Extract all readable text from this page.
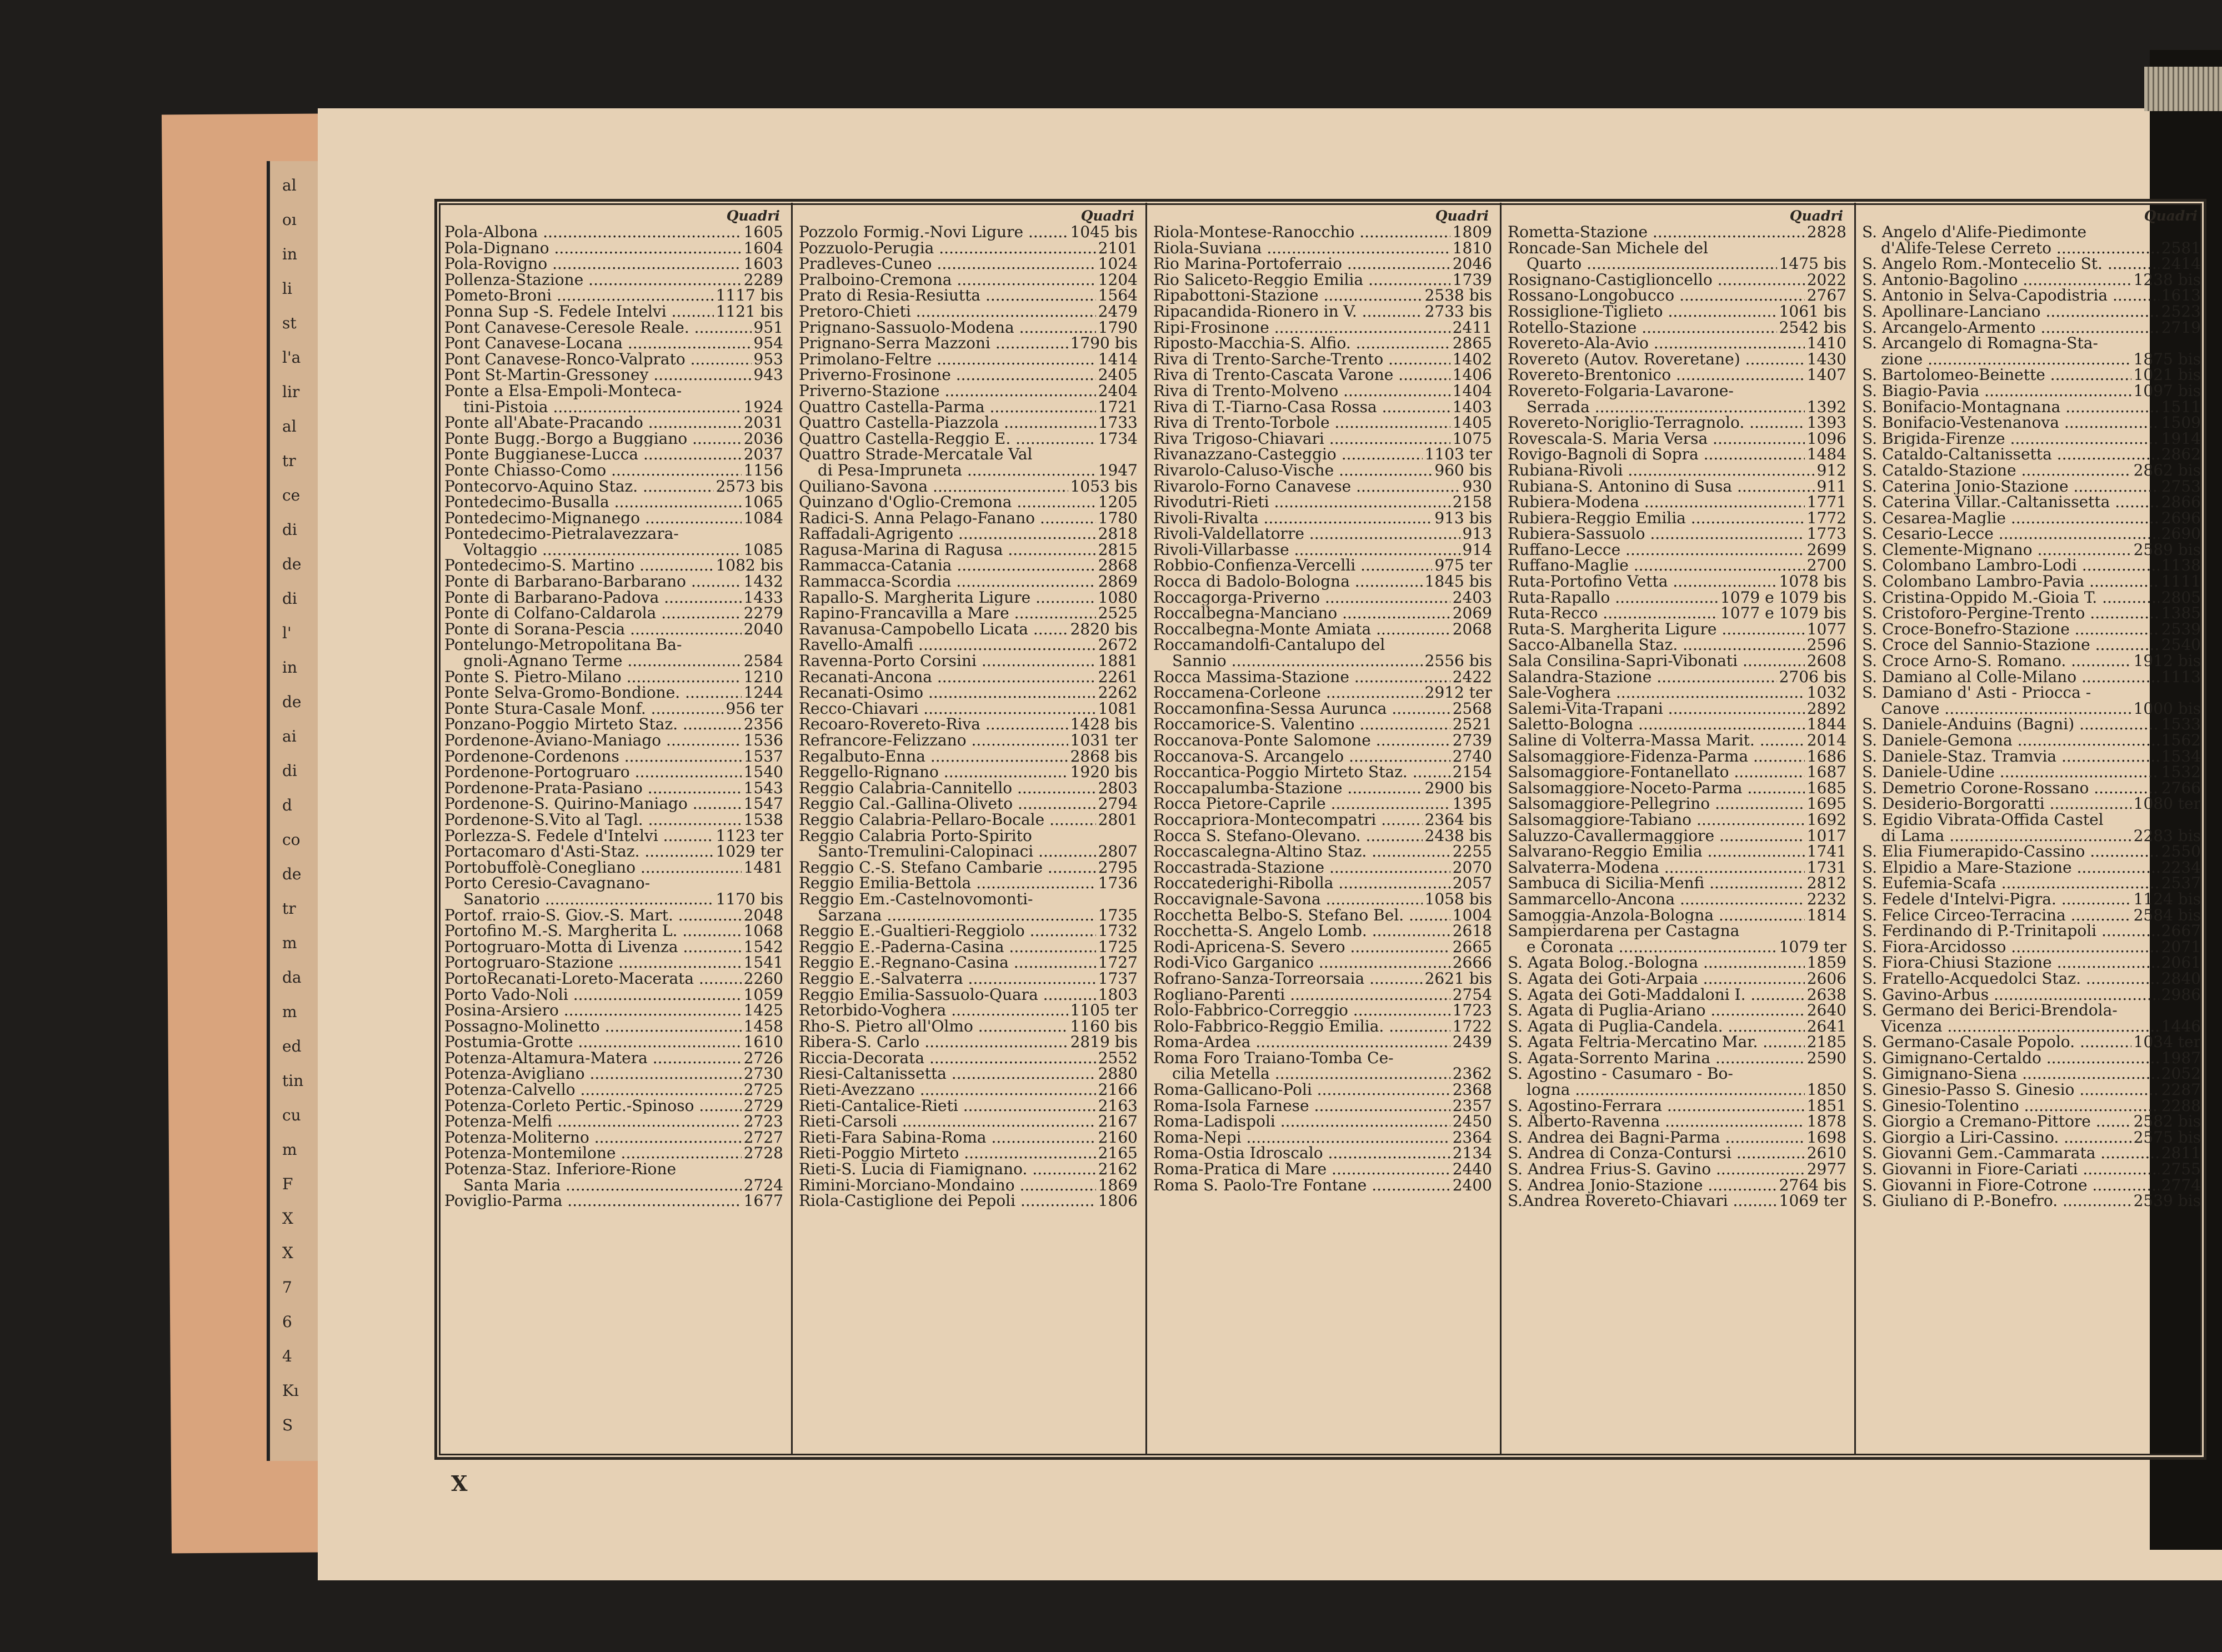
al
oı
in
li
st
l'a
lir
al
tr
ce
di
de
di
l'
in
de
ai
di
d
co
de
tr
m
da
m
ed
tin
cu
m
F
X
X
7
6
4
Kı
S
Quadri
Pola-Albona .....	1605
Pola-Dignano .....	1604
Pola-Rovigno .....	1603
Pollenza-Stazione .....	2289
Pometo-Broni .....	1117 bis
Ponna Sup -S. Fedele Intelvi .....	1121 bis
Pont Canavese-Ceresole Reale. .....	951
Pont Canavese-Locana .....	954
Pont Canavese-Ronco-Valprato .....	953
Pont St-Martin-Gressoney .....	943
Ponte a Elsa-Empoli-Monteca-
tini-Pistoia .....	1924
Ponte all'Abate-Pracando .....	2031
Ponte Bugg.-Borgo a Buggiano .....	2036
Ponte Buggianese-Lucca .....	2037
Ponte Chiasso-Como .....	1156
Pontecorvo-Aquino Staz. .....	2573 bis
Pontedecimo-Busalla .....	1065
Pontedecimo-Mignanego .....	1084
Pontedecimo-Pietralavezzara-
Voltaggio .....	1085
Pontedecimo-S. Martino .....	1082 bis
Ponte di Barbarano-Barbarano .....	1432
Ponte di Barbarano-Padova .....	1433
Ponte di Colfano-Caldarola .....	2279
Ponte di Sorana-Pescia .....	2040
Pontelungo-Metropolitana Ba-
gnoli-Agnano Terme .....	2584
Ponte S. Pietro-Milano .....	1210
Ponte Selva-Gromo-Bondione. .....	1244
Ponte Stura-Casale Monf. .....	956 ter
Ponzano-Poggio Mirteto Staz. .....	2356
Pordenone-Aviano-Maniago .....	1536
Pordenone-Cordenons .....	1537
Pordenone-Portogruaro .....	1540
Pordenone-Prata-Pasiano .....	1543
Pordenone-S. Quirino-Maniago .....	1547
Pordenone-S.Vito al Tagl. .....	1538
Porlezza-S. Fedele d'Intelvi .....	1123 ter
Portacomaro d'Asti-Staz. .....	1029 ter
Portobuffolè-Conegliano .....	1481
Porto Ceresio-Cavagnano-
Sanatorio .....	1170 bis
Portof. rraio-S. Giov.-S. Mart. .....	2048
Portofino M.-S. Margherita L. .....	1068
Portogruaro-Motta di Livenza .....	1542
Portogruaro-Stazione .....	1541
PortoRecanati-Loreto-Macerata .....	2260
Porto Vado-Noli .....	1059
Posina-Arsiero .....	1425
Possagno-Molinetto .....	1458
Postumia-Grotte .....	1610
Potenza-Altamura-Matera .....	2726
Potenza-Avigliano .....	2730
Potenza-Calvello .....	2725
Potenza-Corleto Pertic.-Spinoso .....	2729
Potenza-Melfi .....	2723
Potenza-Moliterno .....	2727
Potenza-Montemilone .....	2728
Potenza-Staz. Inferiore-Rione
Santa Maria .....	2724
Poviglio-Parma .....	1677
Quadri
Pozzolo Formig.-Novi Ligure .....	1045 bis
Pozzuolo-Perugia .....	2101
Pradleves-Cuneo .....	1024
Pralboino-Cremona .....	1204
Prato di Resia-Resiutta .....	1564
Pretoro-Chieti .....	2479
Prignano-Sassuolo-Modena .....	1790
Prignano-Serra Mazzoni .....	1790 bis
Primolano-Feltre .....	1414
Priverno-Frosinone .....	2405
Priverno-Stazione .....	2404
Quattro Castella-Parma .....	1721
Quattro Castella-Piazzola .....	1733
Quattro Castella-Reggio E. .....	1734
Quattro Strade-Mercatale Val
di Pesa-Impruneta .....	1947
Quiliano-Savona .....	1053 bis
Quinzano d'Oglio-Cremona .....	1205
Radici-S. Anna Pelago-Fanano .....	1780
Raffadali-Agrigento .....	2818
Ragusa-Marina di Ragusa .....	2815
Rammacca-Catania .....	2868
Rammacca-Scordia .....	2869
Rapallo-S. Margherita Ligure .....	1080
Rapino-Francavilla a Mare .....	2525
Ravanusa-Campobello Licata .....	2820 bis
Ravello-Amalfi .....	2672
Ravenna-Porto Corsini .....	1881
Recanati-Ancona .....	2261
Recanati-Osimo .....	2262
Recco-Chiavari .....	1081
Recoaro-Rovereto-Riva .....	1428 bis
Refrancore-Felizzano .....	1031 ter
Regalbuto-Enna .....	2868 bis
Reggello-Rignano .....	1920 bis
Reggio Calabria-Cannitello .....	2803
Reggio Cal.-Gallina-Oliveto .....	2794
Reggio Calabria-Pellaro-Bocale .....	2801
Reggio Calabria Porto-Spirito
Santo-Tremulini-Calopinaci .....	2807
Reggio C.-S. Stefano Cambarie .....	2795
Reggio Emilia-Bettola .....	1736
Reggio Em.-Castelnovomonti-
Sarzana .....	1735
Reggio E.-Gualtieri-Reggiolo .....	1732
Reggio E.-Paderna-Casina .....	1725
Reggio E.-Regnano-Casina .....	1727
Reggio E.-Salvaterra .....	1737
Reggio Emilia-Sassuolo-Quara .....	1803
Retorbido-Voghera .....	1105 ter
Rho-S. Pietro all'Olmo .....	1160 bis
Ribera-S. Carlo .....	2819 bis
Riccia-Decorata .....	2552
Riesi-Caltanissetta .....	2880
Rieti-Avezzano .....	2166
Rieti-Cantalice-Rieti .....	2163
Rieti-Carsoli .....	2167
Rieti-Fara Sabina-Roma .....	2160
Rieti-Poggio Mirteto .....	2165
Rieti-S. Lucia di Fiamignano. .....	2162
Rimini-Morciano-Mondaino .....	1869
Riola-Castiglione dei Pepoli .....	1806
Quadri
Riola-Montese-Ranocchio .....	1809
Riola-Suviana .....	1810
Rio Marina-Portoferraio .....	2046
Rio Saliceto-Reggio Emilia .....	1739
Ripabottoni-Stazione .....	2538 bis
Ripacandida-Rionero in V. .....	2733 bis
Ripi-Frosinone .....	2411
Riposto-Macchia-S. Alfio. .....	2865
Riva di Trento-Sarche-Trento .....	1402
Riva di Trento-Cascata Varone .....	1406
Riva di Trento-Molveno .....	1404
Riva di T.-Tiarno-Casa Rossa .....	1403
Riva di Trento-Torbole .....	1405
Riva Trigoso-Chiavari .....	1075
Rivanazzano-Casteggio .....	1103 ter
Rivarolo-Caluso-Vische .....	960 bis
Rivarolo-Forno Canavese .....	930
Rivodutri-Rieti .....	2158
Rivoli-Rivalta .....	913 bis
Rivoli-Valdellatorre .....	913
Rivoli-Villarbasse .....	914
Robbio-Confienza-Vercelli .....	975 ter
Rocca di Badolo-Bologna .....	1845 bis
Roccagorga-Priverno .....	2403
Roccalbegna-Manciano .....	2069
Roccalbegna-Monte Amiata .....	2068
Roccamandolfi-Cantalupo del
Sannio .....	2556 bis
Rocca Massima-Stazione .....	2422
Roccamena-Corleone .....	2912 ter
Roccamonfina-Sessa Aurunca .....	2568
Roccamorice-S. Valentino .....	2521
Roccanova-Ponte Salomone .....	2739
Roccanova-S. Arcangelo .....	2740
Roccantica-Poggio Mirteto Staz. .....	2154
Roccapalumba-Stazione .....	2900 bis
Rocca Pietore-Caprile .....	1395
Roccapriora-Montecompatri .....	2364 bis
Rocca S. Stefano-Olevano. .....	2438 bis
Roccascalegna-Altino Staz. .....	2255
Roccastrada-Stazione .....	2070
Roccatederighi-Ribolla .....	2057
Roccavignale-Savona .....	1058 bis
Rocchetta Belbo-S. Stefano Bel. .....	1004
Rocchetta-S. Angelo Lomb. .....	2618
Rodi-Apricena-S. Severo .....	2665
Rodi-Vico Garganico .....	2666
Rofrano-Sanza-Torreorsaia .....	2621 bis
Rogliano-Parenti .....	2754
Rolo-Fabbrico-Correggio .....	1723
Rolo-Fabbrico-Reggio Emilia. .....	1722
Roma-Ardea .....	2439
Roma Foro Traiano-Tomba Ce-
cilia Metella .....	2362
Roma-Gallicano-Poli .....	2368
Roma-Isola Farnese .....	2357
Roma-Ladispoli .....	2450
Roma-Nepi .....	2364
Roma-Ostia Idroscalo .....	2134
Roma-Pratica di Mare .....	2440
Roma S. Paolo-Tre Fontane .....	2400
Quadri
Rometta-Stazione .....	2828
Roncade-San Michele del
Quarto .....	1475 bis
Rosignano-Castiglioncello .....	2022
Rossano-Longobucco .....	2767
Rossiglione-Tiglieto .....	1061 bis
Rotello-Stazione .....	2542 bis
Rovereto-Ala-Avio .....	1410
Rovereto (Autov. Roveretane) .....	1430
Rovereto-Brentonico .....	1407
Rovereto-Folgaria-Lavarone-
Serrada .....	1392
Rovereto-Noriglio-Terragnolo. .....	1393
Rovescala-S. Maria Versa .....	1096
Rovigo-Bagnoli di Sopra .....	1484
Rubiana-Rivoli .....	912
Rubiana-S. Antonino di Susa .....	911
Rubiera-Modena .....	1771
Rubiera-Reggio Emilia .....	1772
Rubiera-Sassuolo .....	1773
Ruffano-Lecce .....	2699
Ruffano-Maglie .....	2700
Ruta-Portofino Vetta .....	1078 bis
Ruta-Rapallo .....	1079 e 1079 bis
Ruta-Recco .....	1077 e 1079 bis
Ruta-S. Margherita Ligure .....	1077
Sacco-Albanella Staz. .....	2596
Sala Consilina-Sapri-Vibonati .....	2608
Salandra-Stazione .....	2706 bis
Sale-Voghera .....	1032
Salemi-Vita-Trapani .....	2892
Saletto-Bologna .....	1844
Saline di Volterra-Massa Marit. .....	2014
Salsomaggiore-Fidenza-Parma .....	1686
Salsomaggiore-Fontanellato .....	1687
Salsomaggiore-Noceto-Parma .....	1685
Salsomaggiore-Pellegrino .....	1695
Salsomaggiore-Tabiano .....	1692
Saluzzo-Cavallermaggiore .....	1017
Salvarano-Reggio Emilia .....	1741
Salvaterra-Modena .....	1731
Sambuca di Sicilia-Menfi .....	2812
Sammarcello-Ancona .....	2232
Samoggia-Anzola-Bologna .....	1814
Sampierdarena per Castagna
e Coronata .....	1079 ter
S. Agata Bolog.-Bologna .....	1859
S. Agata dei Goti-Arpaia .....	2606
S. Agata dei Goti-Maddaloni I. .....	2638
S. Agata di Puglia-Ariano .....	2640
S. Agata di Puglia-Candela. .....	2641
S. Agata Feltria-Mercatino Mar. .....	2185
S. Agata-Sorrento Marina .....	2590
S. Agostino - Casumaro - Bo-
logna .....	1850
S. Agostino-Ferrara .....	1851
S. Alberto-Ravenna .....	1878
S. Andrea dei Bagni-Parma .....	1698
S. Andrea di Conza-Contursi .....	2610
S. Andrea Frius-S. Gavino .....	2977
S. Andrea Jonio-Stazione .....	2764 bis
S.Andrea Rovereto-Chiavari .....	1069 ter
Quadri
S. Angelo d'Alife-Piedimonte
d'Alife-Telese Cerreto .....	2581
S. Angelo Rom.-Montecelio St. .....	2414
S. Antonio-Bagolino .....	1238 bis
S. Antonio in Selva-Capodistria .....	1613
S. Apollinare-Lanciano .....	2523
S. Arcangelo-Armento .....	2719
S. Arcangelo di Romagna-Sta-
zione .....	1875 bis
S. Bartolomeo-Beinette .....	1021 bis
S. Biagio-Pavia .....	1097 bis
S. Bonifacio-Montagnana .....	1511
S. Bonifacio-Vestenanova .....	1509
S. Brigida-Firenze .....	1914
S. Cataldo-Caltanissetta .....	2862
S. Cataldo-Stazione .....	2862 bis
S. Caterina Jonio-Stazione .....	2753
S. Caterina Villar.-Caltanissetta .....	2866
S. Cesarea-Maglie .....	2696
S. Cesario-Lecce .....	2690
S. Clemente-Mignano .....	2589 bis
S. Colombano Lambro-Lodi .....	1138
S. Colombano Lambro-Pavia .....	1111
S. Cristina-Oppido M.-Gioia T. .....	2805
S. Cristoforo-Pergine-Trento .....	1385
S. Croce-Bonefro-Stazione .....	2539
S. Croce del Sannio-Stazione .....	2540
S. Croce Arno-S. Romano. .....	1912 bis
S. Damiano al Colle-Milano .....	1113
S. Damiano d' Asti - Priocca -
Canove .....	1000 bis
S. Daniele-Anduins (Bagni) .....	1533
S. Daniele-Gemona .....	1562
S. Daniele-Staz. Tramvia .....	1534
S. Daniele-Udine .....	1532
S. Demetrio Corone-Rossano .....	2766
S. Desiderio-Borgoratti .....	1080 ter
S. Egidio Vibrata-Offida Castel
di Lama .....	2283 bis
S. Elia Fiumerapido-Cassino .....	2550
S. Elpidio a Mare-Stazione .....	2234
S. Eufemia-Scafa .....	2537
S. Fedele d'Intelvi-Pigra. .....	1124 bis
S. Felice Circeo-Terracina .....	2584 bis
S. Ferdinando di P.-Trinitapoli .....	2667
S. Fiora-Arcidosso .....	2071
S. Fiora-Chiusi Stazione .....	2061
S. Fratello-Acquedolci Staz. .....	2840
S. Gavino-Arbus .....	2986
S. Germano dei Berici-Brendola-
Vicenza .....	1446
S. Germano-Casale Popolo. .....	1034 ter
S. Gimignano-Certaldo .....	1987
S. Gimignano-Siena .....	2052
S. Ginesio-Passo S. Ginesio .....	2287
S. Ginesio-Tolentino .....	2288
S. Giorgio a Cremano-Pittore .....	2582 bis
S. Giorgio a Liri-Cassino. .....	2575 bis
S. Giovanni Gem.-Cammarata .....	2811
S. Giovanni in Fiore-Cariati .....	2755
S. Giovanni in Fiore-Cotrone .....	2774
S. Giuliano di P.-Bonefro. .....	2539 bis
X
